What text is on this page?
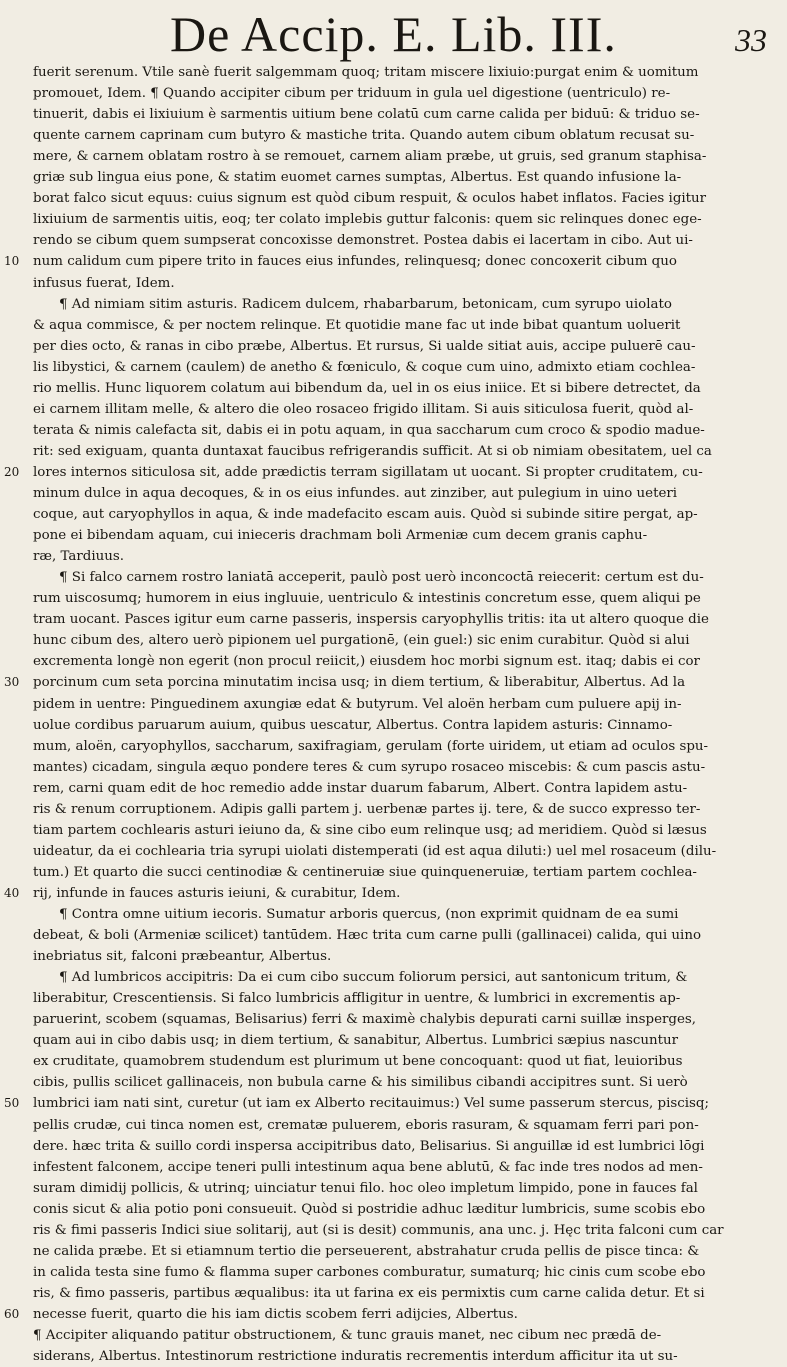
De Accip. E. Lib. III.	33
fuerit serenum. Vtile sanè fuerit salgemmam quoq; tritam miscere lixiuio:purgat enim & uomitum
promouet, Idem. ¶ Quando accipiter cibum per triduum in gula uel digestione (uentriculo) re-
tinuerit, dabis ei lixiuium è sarmentis uitium bene colatū cum carne calida per biduū: & triduo se-
quente carnem caprinam cum butyro & mastiche trita. Quando autem cibum oblatum recusat su-
mere, & carnem oblatam rostro à se remouet, carnem aliam præbe, ut gruis, sed granum staphisa-
griæ sub lingua eius pone, & statim euomet carnes sumptas, Albertus. Est quando infusione la-
borat falco sicut equus: cuius signum est quòd cibum respuit, & oculos habet inflatos. Facies igitur
lixiuium de sarmentis uitis, eoq; ter colato implebis guttur falconis: quem sic relinques donec ege-
rendo se cibum quem sumpserat concoxisse demonstret. Postea dabis ei lacertam in cibo. Aut ui-
num calidum cum pipere trito in fauces eius infundes, relinquesq; donec concoxerit cibum quo
infusus fuerat, Idem.
¶ Ad nimiam sitim asturis. Radicem dulcem, rhabarbarum, betonicam, cum syrupo uiolato
& aqua commisce, & per noctem relinque. Et quotidie mane fac ut inde bibat quantum uoluerit
per dies octo, & ranas in cibo præbe, Albertus. Et rursus, Si ualde sitiat auis, accipe puluerē cau-
lis libystici, & carnem (caulem) de anetho & fœniculo, & coque cum uino, admixto etiam cochlea-
rio mellis. Hunc liquorem colatum aui bibendum da, uel in os eius iniice. Et si bibere detrectet, da
ei carnem illitam melle, & altero die oleo rosaceo frigido illitam. Si auis siticulosa fuerit, quòd al-
terata & nimis calefacta sit, dabis ei in potu aquam, in qua saccharum cum croco & spodio madue-
rit: sed exiguam, quanta duntaxat faucibus refrigerandis sufficit. At si ob nimiam obesitatem, uel ca
lores internos siticulosa sit, adde prædictis terram sigillatam ut uocant. Si propter cruditatem, cu-
minum dulce in aqua decoques, & in os eius infundes. aut zinziber, aut pulegium in uino ueteri
coque, aut caryophyllos in aqua, & inde madefacito escam auis. Quòd si subinde sitire pergat, ap-
pone ei bibendam aquam, cui inieceris drachmam boli Armeniæ cum decem granis caphu-
ræ, Tardiuus.
¶ Si falco carnem rostro laniatā acceperit, paulò post uerò inconcoctā reiecerit: certum est du-
rum uiscosumq; humorem in eius ingluuie, uentriculo & intestinis concretum esse, quem aliqui pe
tram uocant. Pasces igitur eum carne passeris, inspersis caryophyllis tritis: ita ut altero quoque die
hunc cibum des, altero uerò pipionem uel purgationē, (ein guel:) sic enim curabitur. Quòd si alui
excrementa longè non egerit (non procul reiicit,) eiusdem hoc morbi signum est. itaq; dabis ei cor
porcinum cum seta porcina minutatim incisa usq; in diem tertium, & liberabitur, Albertus. Ad la
pidem in uentre: Pinguedinem axungiæ edat & butyrum. Vel aloën herbam cum puluere apij in-
uolue cordibus paruarum auium, quibus uescatur, Albertus. Contra lapidem asturis: Cinnamo-
mum, aloën, caryophyllos, saccharum, saxifragiam, gerulam (forte uiridem, ut etiam ad oculos spu-
mantes) cicadam, singula æquo pondere teres & cum syrupo rosaceo miscebis: & cum pascis astu-
rem, carni quam edit de hoc remedio adde instar duarum fabarum, Albert. Contra lapidem astu-
ris & renum corruptionem. Adipis galli partem j. uerbenæ partes ij. tere, & de succo expresso ter-
tiam partem cochlearis asturi ieiuno da, & sine cibo eum relinque usq; ad meridiem. Quòd si læsus
uideatur, da ei cochlearia tria syrupi uiolati distemperati (id est aqua diluti:) uel mel rosaceum (dilu-
tum.) Et quarto die succi centinodiæ & centineruiæ siue quinqueneruiæ, tertiam partem cochlea-
rij, infunde in fauces asturis ieiuni, & curabitur, Idem.
¶ Contra omne uitium iecoris. Sumatur arboris quercus, (non exprimit quidnam de ea sumi
debeat, & boli (Armeniæ scilicet) tantūdem. Hæc trita cum carne pulli (gallinacei) calida, qui uino
inebriatus sit, falconi præbeantur, Albertus.
¶ Ad lumbricos accipitris: Da ei cum cibo succum foliorum persici, aut santonicum tritum, &
liberabitur, Crescentiensis. Si falco lumbricis affligitur in uentre, & lumbrici in excrementis ap-
paruerint, scobem (squamas, Belisarius) ferri & maximè chalybis depurati carni suillæ insperges,
quam aui in cibo dabis usq; in diem tertium, & sanabitur, Albertus. Lumbrici sæpius nascuntur
ex cruditate, quamobrem studendum est plurimum ut bene concoquant: quod ut fiat, leuioribus
cibis, pullis scilicet gallinaceis, non bubula carne & his similibus cibandi accipitres sunt. Si uerò
lumbrici iam nati sint, curetur (ut iam ex Alberto recitauimus:) Vel sume passerum stercus, piscisq;
pellis crudæ, cui tinca nomen est, crematæ puluerem, eboris rasuram, & squamam ferri pari pon-
dere. hæc trita & suillo cordi inspersa accipitribus dato, Belisarius. Si anguillæ id est lumbrici lōgi
infestent falconem, accipe teneri pulli intestinum aqua bene ablutū, & fac inde tres nodos ad men-
suram dimidij pollicis, & utrinq; uinciatur tenui filo. hoc oleo impletum limpido, pone in fauces fal
conis sicut & alia potio poni consueuit. Quòd si postridie adhuc læditur lumbricis, sume scobis ebo
ris & fimi passeris Indici siue solitarij, aut (si is desit) communis, ana unc. j. Hęc trita falconi cum car
ne calida præbe. Et si etiamnum tertio die perseuerent, abstrahatur cruda pellis de pisce tinca: &
in calida testa sine fumo & flamma super carbones comburatur, sumaturq; hic cinis cum scobe ebo
ris, & fimo passeris, partibus æqualibus: ita ut farina ex eis permixtis cum carne calida detur. Et si
necesse fuerit, quarto die his iam dictis scobem ferri adijcies, Albertus.
¶ Accipiter aliquando patitur obstructionem, & tunc grauis manet, nec cibum nec prædā de-
siderans, Albertus. Intestinorum restrictione induratis recrementis interdum afficitur ita ut su-
10
20
30
40
50
60
